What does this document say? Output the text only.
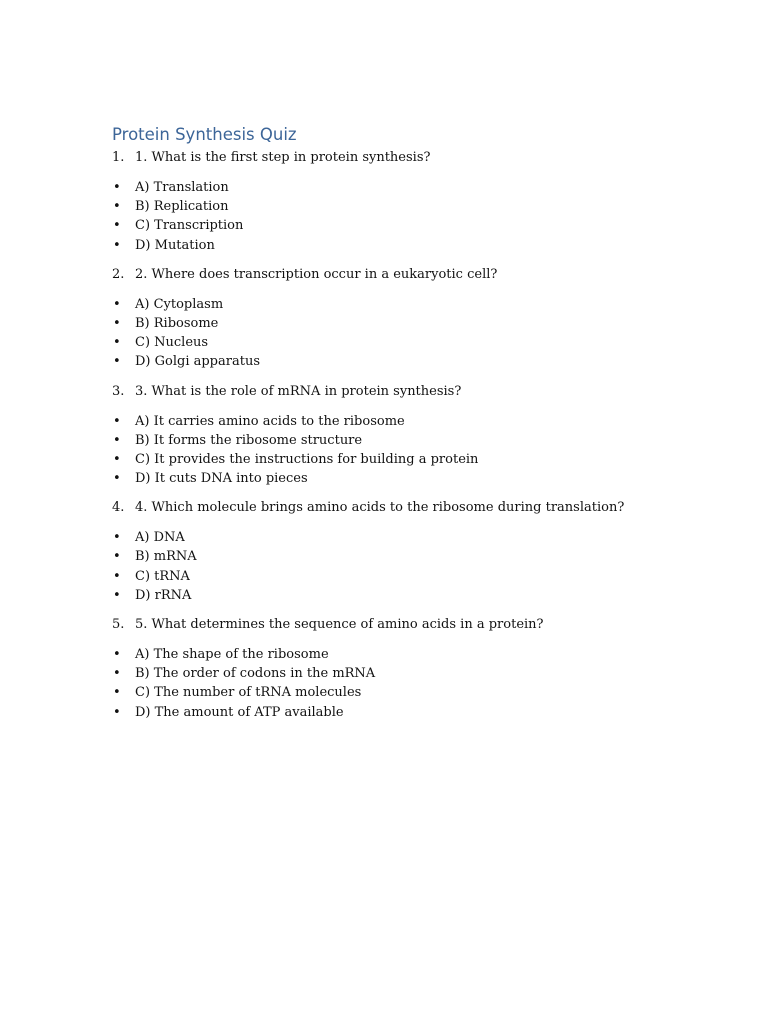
Protein Synthesis Quiz
1. 1. What is the first step in protein synthesis?
•	A) Translation
•	B) Replication
•	C) Transcription
•	D) Mutation
2. 2. Where does transcription occur in a eukaryotic cell?
•	A) Cytoplasm
•	B) Ribosome
•	C) Nucleus
•	D) Golgi apparatus
3. 3. What is the role of mRNA in protein synthesis?
•	A) It carries amino acids to the ribosome
•	B) It forms the ribosome structure
•	C) It provides the instructions for building a protein
•	D) It cuts DNA into pieces
4. 4. Which molecule brings amino acids to the ribosome during translation?
•	A) DNA
•	B) mRNA
•	C) tRNA
•	D) rRNA
5. 5. What determines the sequence of amino acids in a protein?
•	A) The shape of the ribosome
•	B) The order of codons in the mRNA
•	C) The number of tRNA molecules
•	D) The amount of ATP available
